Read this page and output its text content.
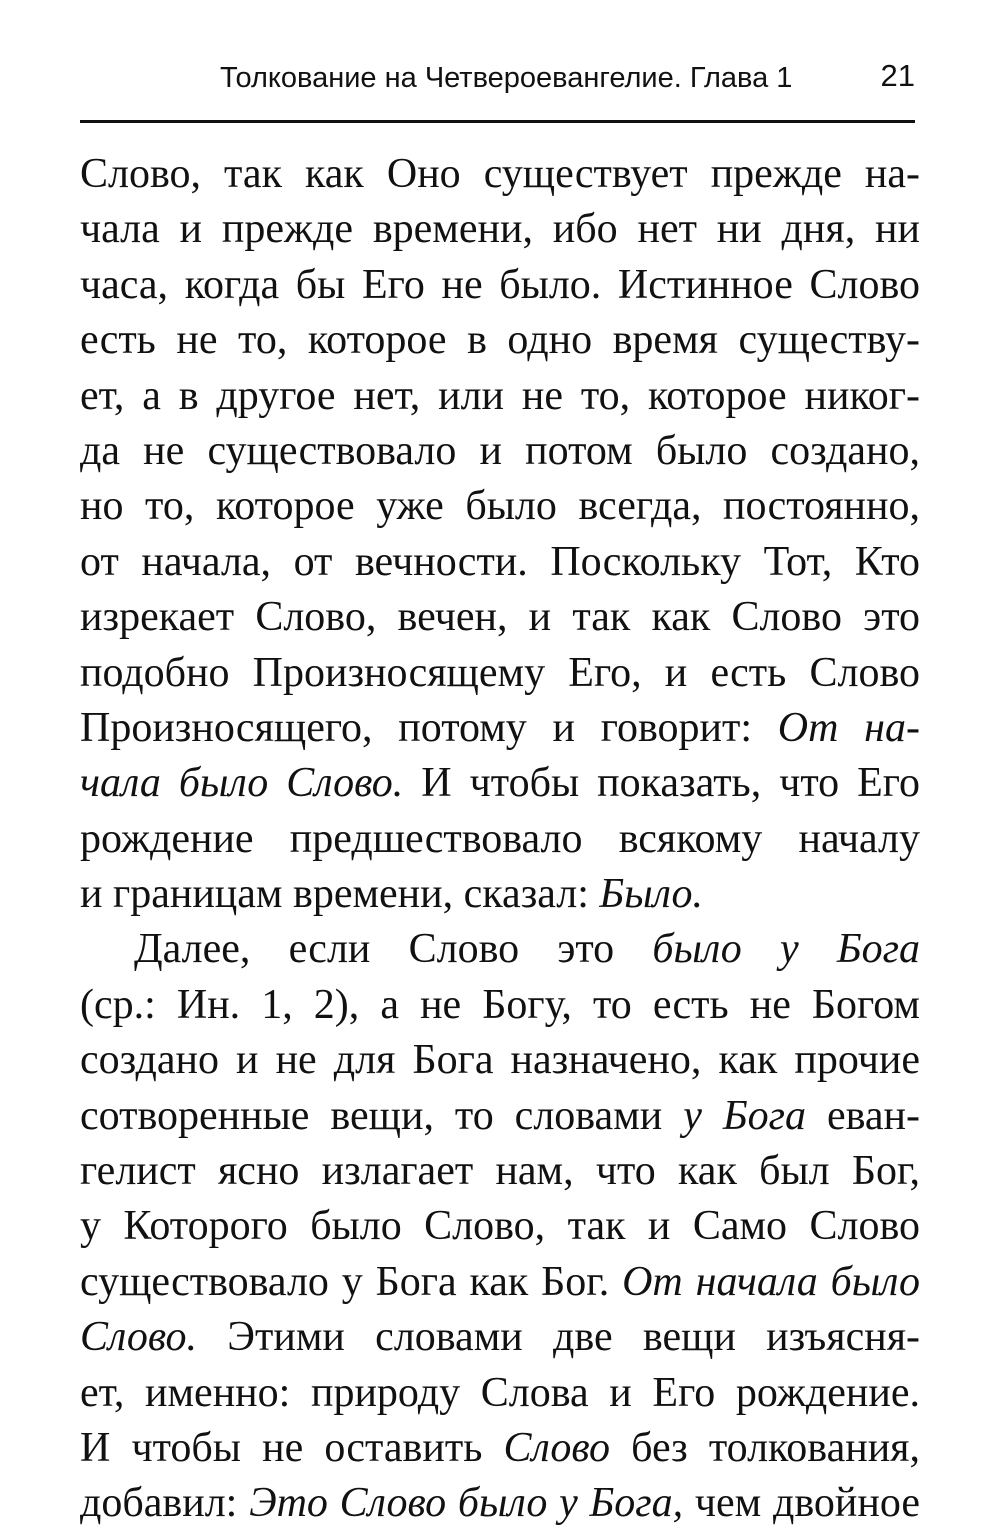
Толкование на Четвероевангелие. Глава 1	21
Слово, так как Оно существует прежде на-
чала и прежде времени, ибо нет ни дня, ни
часа, когда бы Его не было. Истинное Слово
есть не то, которое в одно время существу-
ет, а в другое нет, или не то, которое никог-
да не существовало и потом было создано,
но то, которое уже было всегда, постоянно,
от начала, от вечности. Поскольку Тот, Кто
изрекает Слово, вечен, и так как Слово это
подобно Произносящему Его, и есть Слово
Произносящего, потому и говорит: От на-
чала было Слово. И чтобы показать, что Его
рождение предшествовало всякому началу
и границам времени, сказал: Было.
Далее, если Слово это было у Бога
(ср.: Ин. 1, 2), а не Богу, то есть не Богом
создано и не для Бога назначено, как прочие
сотворенные вещи, то словами у Бога еван-
гелист ясно излагает нам, что как был Бог,
у Которого было Слово, так и Само Слово
существовало у Бога как Бог. От начала было
Слово. Этими словами две вещи изъясня-
ет, именно: природу Слова и Его рождение.
И чтобы не оставить Слово без толкования,
добавил: Это Слово было у Бога, чем двойное
